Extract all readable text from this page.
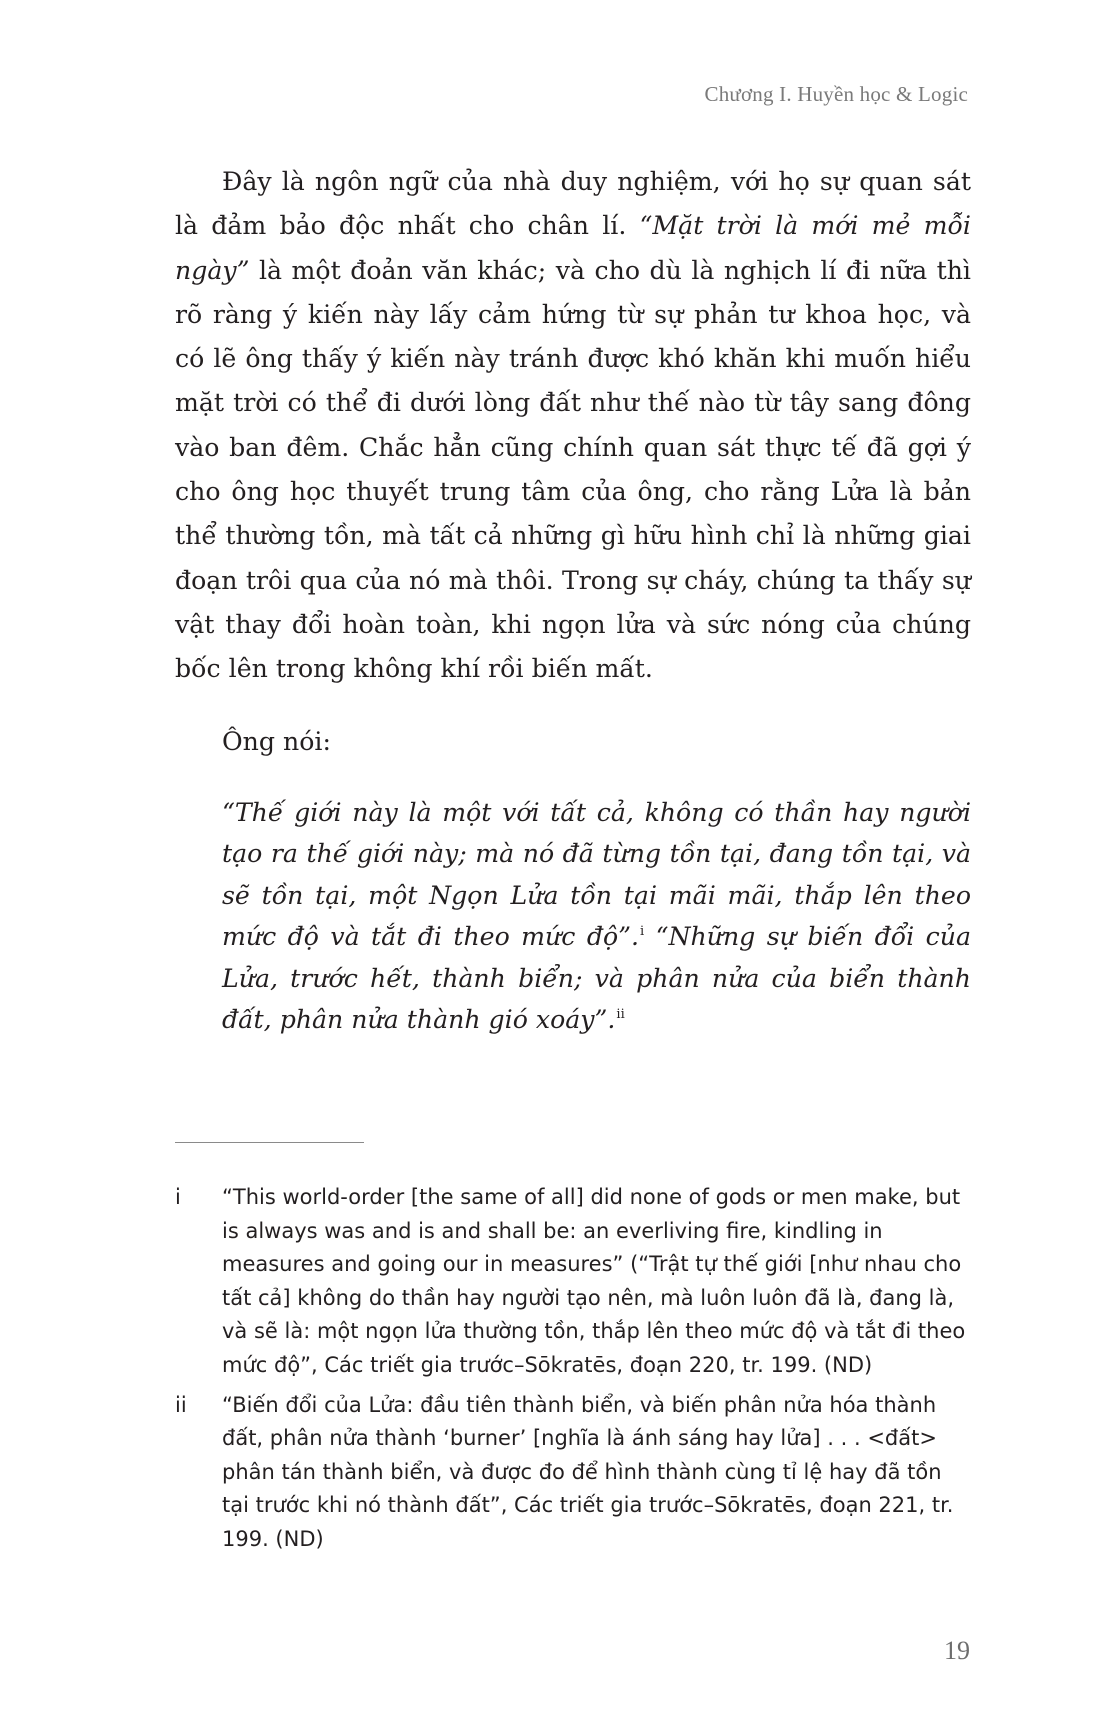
Chương I. Huyền học & Logic

Đây là ngôn ngữ của nhà duy nghiệm, với họ sự quan sát là đảm bảo độc nhất cho chân lí. “Mặt trời là mới mẻ mỗi ngày” là một đoản văn khác; và cho dù là nghịch lí đi nữa thì rõ ràng ý kiến này lấy cảm hứng từ sự phản tư khoa học, và có lẽ ông thấy ý kiến này tránh được khó khăn khi muốn hiểu mặt trời có thể đi dưới lòng đất như thế nào từ tây sang đông vào ban đêm. Chắc hẳn cũng chính quan sát thực tế đã gợi ý cho ông học thuyết trung tâm của ông, cho rằng Lửa là bản thể thường tồn, mà tất cả những gì hữu hình chỉ là những giai đoạn trôi qua của nó mà thôi. Trong sự cháy, chúng ta thấy sự vật thay đổi hoàn toàn, khi ngọn lửa và sức nóng của chúng bốc lên trong không khí rồi biến mất.

Ông nói:

“Thế giới này là một với tất cả, không có thần hay người tạo ra thế giới này; mà nó đã từng tồn tại, đang tồn tại, và sẽ tồn tại, một Ngọn Lửa tồn tại mãi mãi, thắp lên theo mức độ và tắt đi theo mức độ”.$^i$ “Những sự biến đổi của Lửa, trước hết, thành biển; và phân nửa của biển thành đất, phân nửa thành gió xoáy”.$^{ii}$

i	“This world-order [the same of all] did none of gods or men make, but is always was and is and shall be: an everliving fire, kindling in measures and going our in measures” (“Trật tự thế giới [như nhau cho tất cả] không do thần hay người tạo nên, mà luôn luôn đã là, đang là, và sẽ là: một ngọn lửa thường tồn, thắp lên theo mức độ và tắt đi theo mức độ”, Các triết gia trước–Sōkratēs, đoạn 220, tr. 199. (ND)
ii	“Biến đổi của Lửa: đầu tiên thành biển, và biến phân nửa hóa thành đất, phân nửa thành ‘burner’ [nghĩa là ánh sáng hay lửa] . . . <đất> phân tán thành biển, và được đo để hình thành cùng tỉ lệ hay đã tồn tại trước khi nó thành đất”, Các triết gia trước–Sōkratēs, đoạn 221, tr. 199. (ND)
19
